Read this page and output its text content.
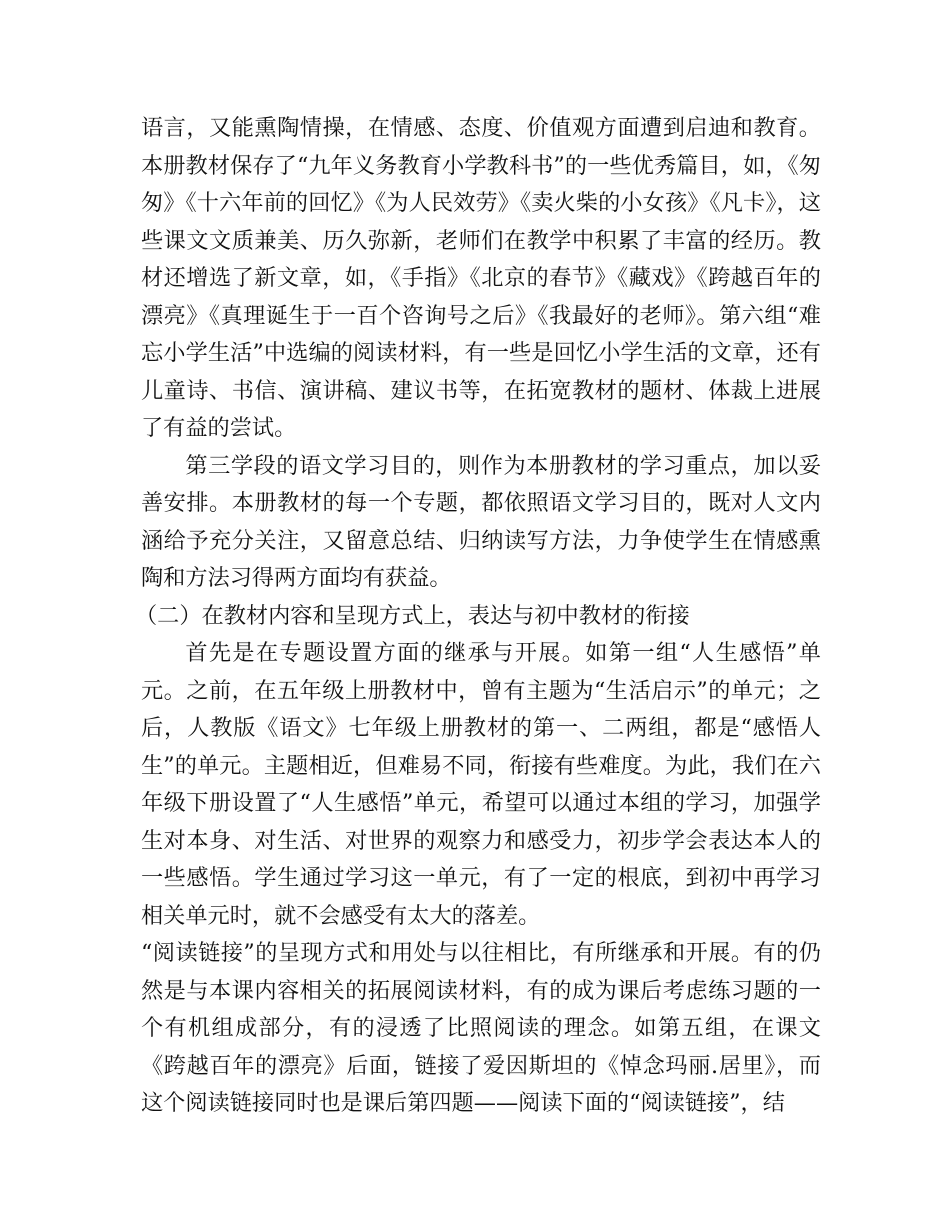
语言，又能熏陶情操，在情感、态度、价值观方面遭到启迪和教育。本册教材保存了“九年义务教育小学教科书”的一些优秀篇目，如，《匆匆》《十六年前的回忆》《为人民效劳》《卖火柴的小女孩》《凡卡》，这些课文文质兼美、历久弥新，老师们在教学中积累了丰富的经历。教材还增选了新文章，如，《手指》《北京的春节》《藏戏》《跨越百年的漂亮》《真理诞生于一百个咨询号之后》《我最好的老师》。第六组“难忘小学生活”中选编的阅读材料，有一些是回忆小学生活的文章，还有儿童诗、书信、演讲稿、建议书等，在拓宽教材的题材、体裁上进展了有益的尝试。

第三学段的语文学习目的，则作为本册教材的学习重点，加以妥善安排。本册教材的每一个专题，都依照语文学习目的，既对人文内涵给予充分关注，又留意总结、归纳读写方法，力争使学生在情感熏陶和方法习得两方面均有获益。

（二）在教材内容和呈现方式上，表达与初中教材的衔接

首先是在专题设置方面的继承与开展。如第一组“人生感悟”单元。之前，在五年级上册教材中，曾有主题为“生活启示”的单元；之后，人教版《语文》七年级上册教材的第一、二两组，都是“感悟人生”的单元。主题相近，但难易不同，衔接有些难度。为此，我们在六年级下册设置了“人生感悟”单元，希望可以通过本组的学习，加强学生对本身、对生活、对世界的观察力和感受力，初步学会表达本人的一些感悟。学生通过学习这一单元，有了一定的根底，到初中再学习相关单元时，就不会感受有太大的落差。

“阅读链接”的呈现方式和用处与以往相比，有所继承和开展。有的仍然是与本课内容相关的拓展阅读材料，有的成为课后考虑练习题的一个有机组成部分，有的浸透了比照阅读的理念。如第五组，在课文《跨越百年的漂亮》后面，链接了爱因斯坦的《悼念玛丽.居里》，而这个阅读链接同时也是课后第四题——阅读下面的“阅读链接”，结
